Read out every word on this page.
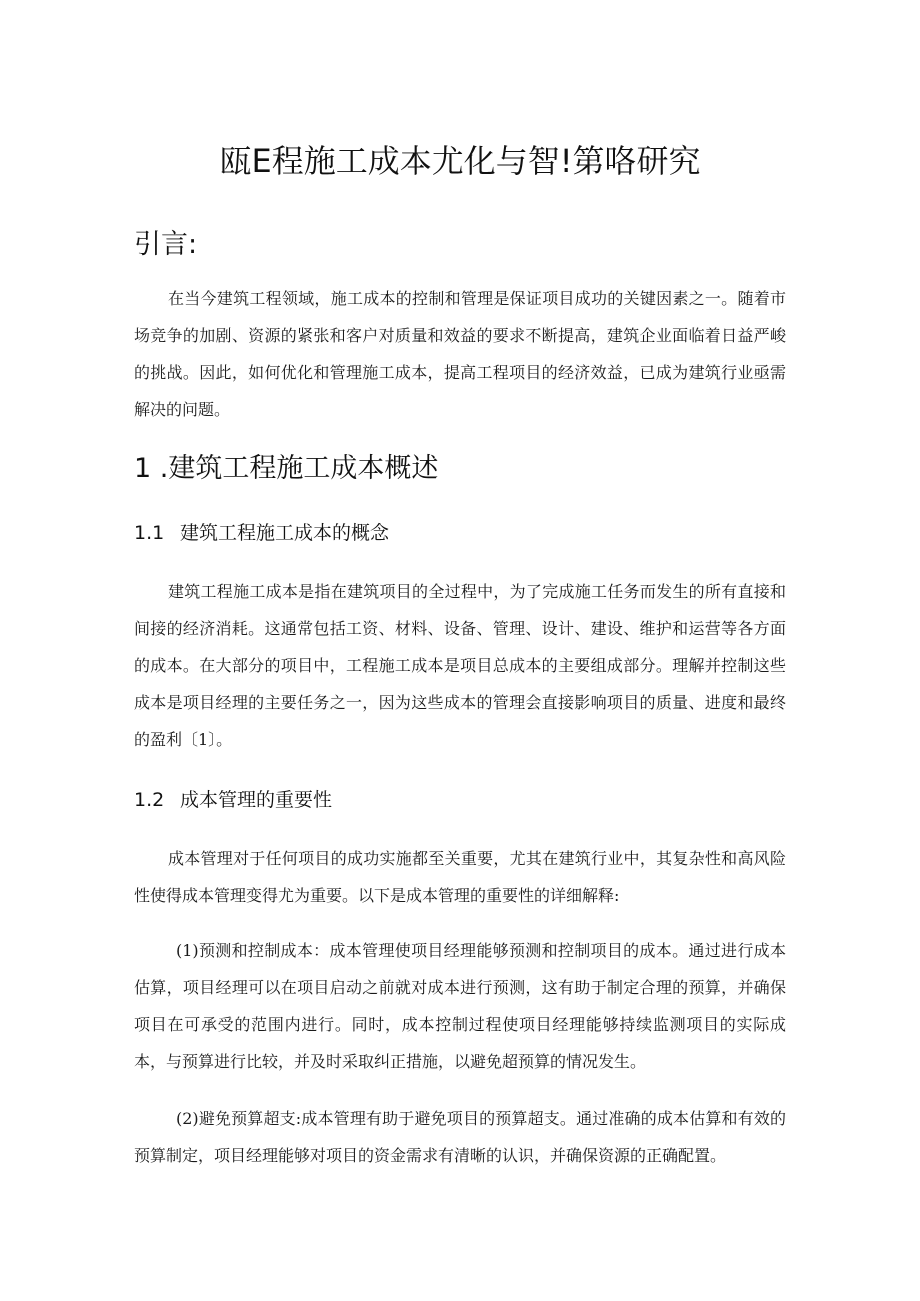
瓯E程施工成本尤化与智!第咯研究
引言:

在当今建筑工程领域，施工成本的控制和管理是保证项目成功的关键因素之一。随着市场竞争的加剧、资源的紧张和客户对质量和效益的要求不断提高，建筑企业面临着日益严峻的挑战。因此，如何优化和管理施工成本，提高工程项目的经济效益，已成为建筑行业亟需解决的问题。

1 .建筑工程施工成本概述
1.1 建筑工程施工成本的概念

建筑工程施工成本是指在建筑项目的全过程中，为了完成施工任务而发生的所有直接和间接的经济消耗。这通常包括工资、材料、设备、管理、设计、建设、维护和运营等各方面的成本。在大部分的项目中，工程施工成本是项目总成本的主要组成部分。理解并控制这些成本是项目经理的主要任务之一，因为这些成本的管理会直接影响项目的质量、进度和最终的盈利〔1〕。

1.2 成本管理的重要性

成本管理对于任何项目的成功实施都至关重要，尤其在建筑行业中，其复杂性和高风险性使得成本管理变得尤为重要。以下是成本管理的重要性的详细解释:

(1)预测和控制成本：成本管理使项目经理能够预测和控制项目的成本。通过进行成本估算，项目经理可以在项目启动之前就对成本进行预测，这有助于制定合理的预算，并确保项目在可承受的范围内进行。同时，成本控制过程使项目经理能够持续监测项目的实际成本，与预算进行比较，并及时采取纠正措施，以避免超预算的情况发生。

(2)避免预算超支:成本管理有助于避免项目的预算超支。通过准确的成本估算和有效的预算制定，项目经理能够对项目的资金需求有清晰的认识，并确保资源的正确配置。
